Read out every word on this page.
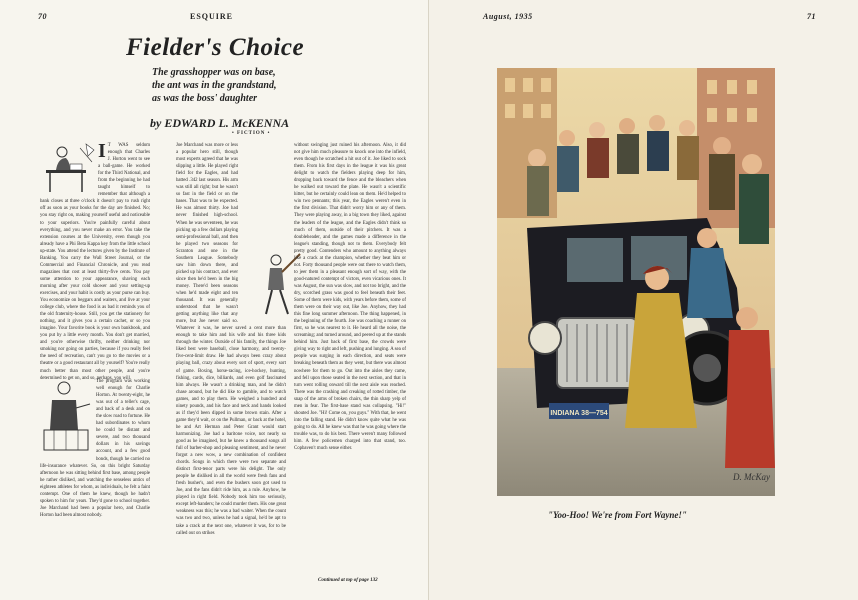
70	ESQUIRE
Fielder's Choice
The grasshopper was on base,
the ant was in the grandstand,
as was the boss' daughter
by EDWARD L. McKENNA
• FICTION •
I T WAS seldom enough that Charles J. Horton went to see a ball-game. He worked for the Third National, and from the beginning he had taught himself to remember that although a bank closes at three o'clock it doesn't pay to rush right off as soon as your books for the day are finished. No; you stay right on, making yourself useful and noticeable to your superiors. You're painfully careful about everything, and you never make an error. You take the extension courses at the University, even though you already have a Phi Beta Kappa key from the little school up-state. You attend the lectures given by the Institute of Banking. You carry the Wall Street Journal, or the Commercial and Financial Chronicle, and you read magazines that cost at least thirty-five cents. You pay some attention to your appearance, shaving each morning after your cold shower and your setting-up exercises, and your habit is costly as your purse can buy. You economize on beggars and waiters, and live at your college club, where the food is as bad it reminds you of the old fraternity-house. Still, you get the stationery for nothing, and it gives you a certain cachet, or so you imagine. Your favorite book is your own bankbook, and you put by a little every month. You don't get married, and you're otherwise thrifty, neither drinking nor smoking nor going on parties, because if you really feel the need of recreation, can't you go to the movies or a theatre or a good restaurant all by yourself? You're really much better than most other people, and you're determined to get on, and so, perhaps, you will.
The program was working well enough for Charlie Horton. At twenty-eight, he was out of a teller's cage, and back of a desk and on the slow road to fortune. He had subordinates to whom he could be distant and severe, and two thousand dollars in his savings account, and a few good bonds, though he carried no life-insurance whatever. So, on this bright Saturday afternoon he was sitting behind first base, among people he rather disliked, and watching the senseless antics of eighteen athletes for whom, as individuals, he felt a faint contempt. One of them he knew, though he hadn't spoken to him for years. They'd gone to school together. Joe Marchand had been a popular hero, and Charlie Horton had been almost nobody.
Joe Marchand was more or less a popular hero still, though most experts agreed that he was slipping a little. He played right field for the Eagles, and had batted .342 last season. His arm was still all right; but he wasn't so fast in the field or on the bases. That was to be expected. He was almost thirty. Joe had never finished high-school. When he was seventeen, he was picking up a few dollars playing semi-professional ball, and then he played two seasons for Scranton and one in the Southern League. Somebody saw him down there, and picked up his contract, and ever since then he'd been in the big money. There'd been seasons when he'd made eight and ten thousand. It was generally understood that he wasn't getting anything like that any more, but Joe never said so. Whatever it was, he never saved a cent more than enough to take him and his wife and his three kids through the winter. Outside of his family, the things Joe liked best were baseball, close harmony, and twenty-five-cent-limit draw. He had always been crazy about playing ball, crazy about every sort of sport, every sort of game. Boxing, horse-racing, ice-hockey, hunting, fishing, cards, dice, billiards, and even golf fascinated him always. He wasn't a drinking man, and he didn't chase around, but he did like to gamble, and to watch games, and to play them. He weighed a hundred and ninety pounds, and his face and neck and hands looked as if they'd been dipped in some brown stain. After a game they'd wait, or on the Pullman, or back at the hotel, he and Art Herman and Peter Grant would start harmonizing. Joe had a baritone voice, not nearly so good as he imagined, but he knew a thousand songs all full of barber-shop and pleasing sentiment, and he never forgot a new wow, a new combination of confident chords. Songs in which there were two separate and distinct first-tenor parts were his delight. The only people he disliked in all the world were fresh fans and fresh busher's, and even the bushers soon got used to Joe, and the fans didn't ride him, as a rule. Anyhow, he played in right field. Nobody took him too seriously, except left-handers; he could murder them. His one great weakness was this; he was a bad waiter. When the count was two and two, unless he had a signal, he'd be apt to take a crack at the next one, whatever it was, for to be called out on strikes
without swinging just ruined his afternoon. Also, it did not give him much pleasure to knock one into the infield, even though he scratched a hit out of it. Joe liked to sock them. From his first days in the league it was his great delight to watch the fielders playing deep for him, dropping back toward the fence and the bleachers when he walked out toward the plate. He wasn't a scientific hitter, but he certainly could lean on them. He'd helped to win two pennants; this year, the Eagles weren't even in the first division. That didn't worry him or any of them. They were playing away, in a big town they liked, against the leaders of the league, and the Eagles didn't think so much of them, outside of their pitchers. It was a doubleheader, and the games made a difference in the league's standing, though not to them. Everybody felt pretty good. Contenders who amount to anything always like a crack at the champion, whether they beat him or not. Forty thousand people were out there to watch them, to jeer them in a pleasant enough sort of way, with the good-natured contempt of victors, even vicarious ones. It was August, the sun was slow, and not too bright, and the dry, scorched grass was good to feel beneath their feet. Some of them were kids, with years before them, some of them were on their way out, like Joe. Anyhow, they had this fine long summer afternoon. The thing happened, in the beginning of the fourth. Joe was coaching a runner on first, so he was nearest to it. He heard all the noise, the screaming; and turned around, and peered up at the stands behind him. Just back of first base, the crowds were giving way to right and left, pushing and lunging. A sea of people was surging in each direction, and seats were breaking beneath them as they went, but there was almost nowhere for them to go. Out into the aisles they came, and fell upon those seated in the next section, and that in turn went rolling onward till the next aisle was reached. There was the crashing and creaking of rotted timber, the snap of the arms of broken chairs, the thin sharp yelp of men in fear. The first-base stand was collapsing. "Hi!" shouted Joe. "Hi! Come on, you guys." With that, he went into the falling stand. He didn't know quite what he was going to do. All he knew was that he was going where the trouble was, to do his best. There weren't many followed him. A few policemen charged into that stand, too. Copbaven't much sense either.
Continued at top of page 132
August, 1935	71
INDIANA 38—754
D. McKay
"Yoo-Hoo! We're from Fort Wayne!"
